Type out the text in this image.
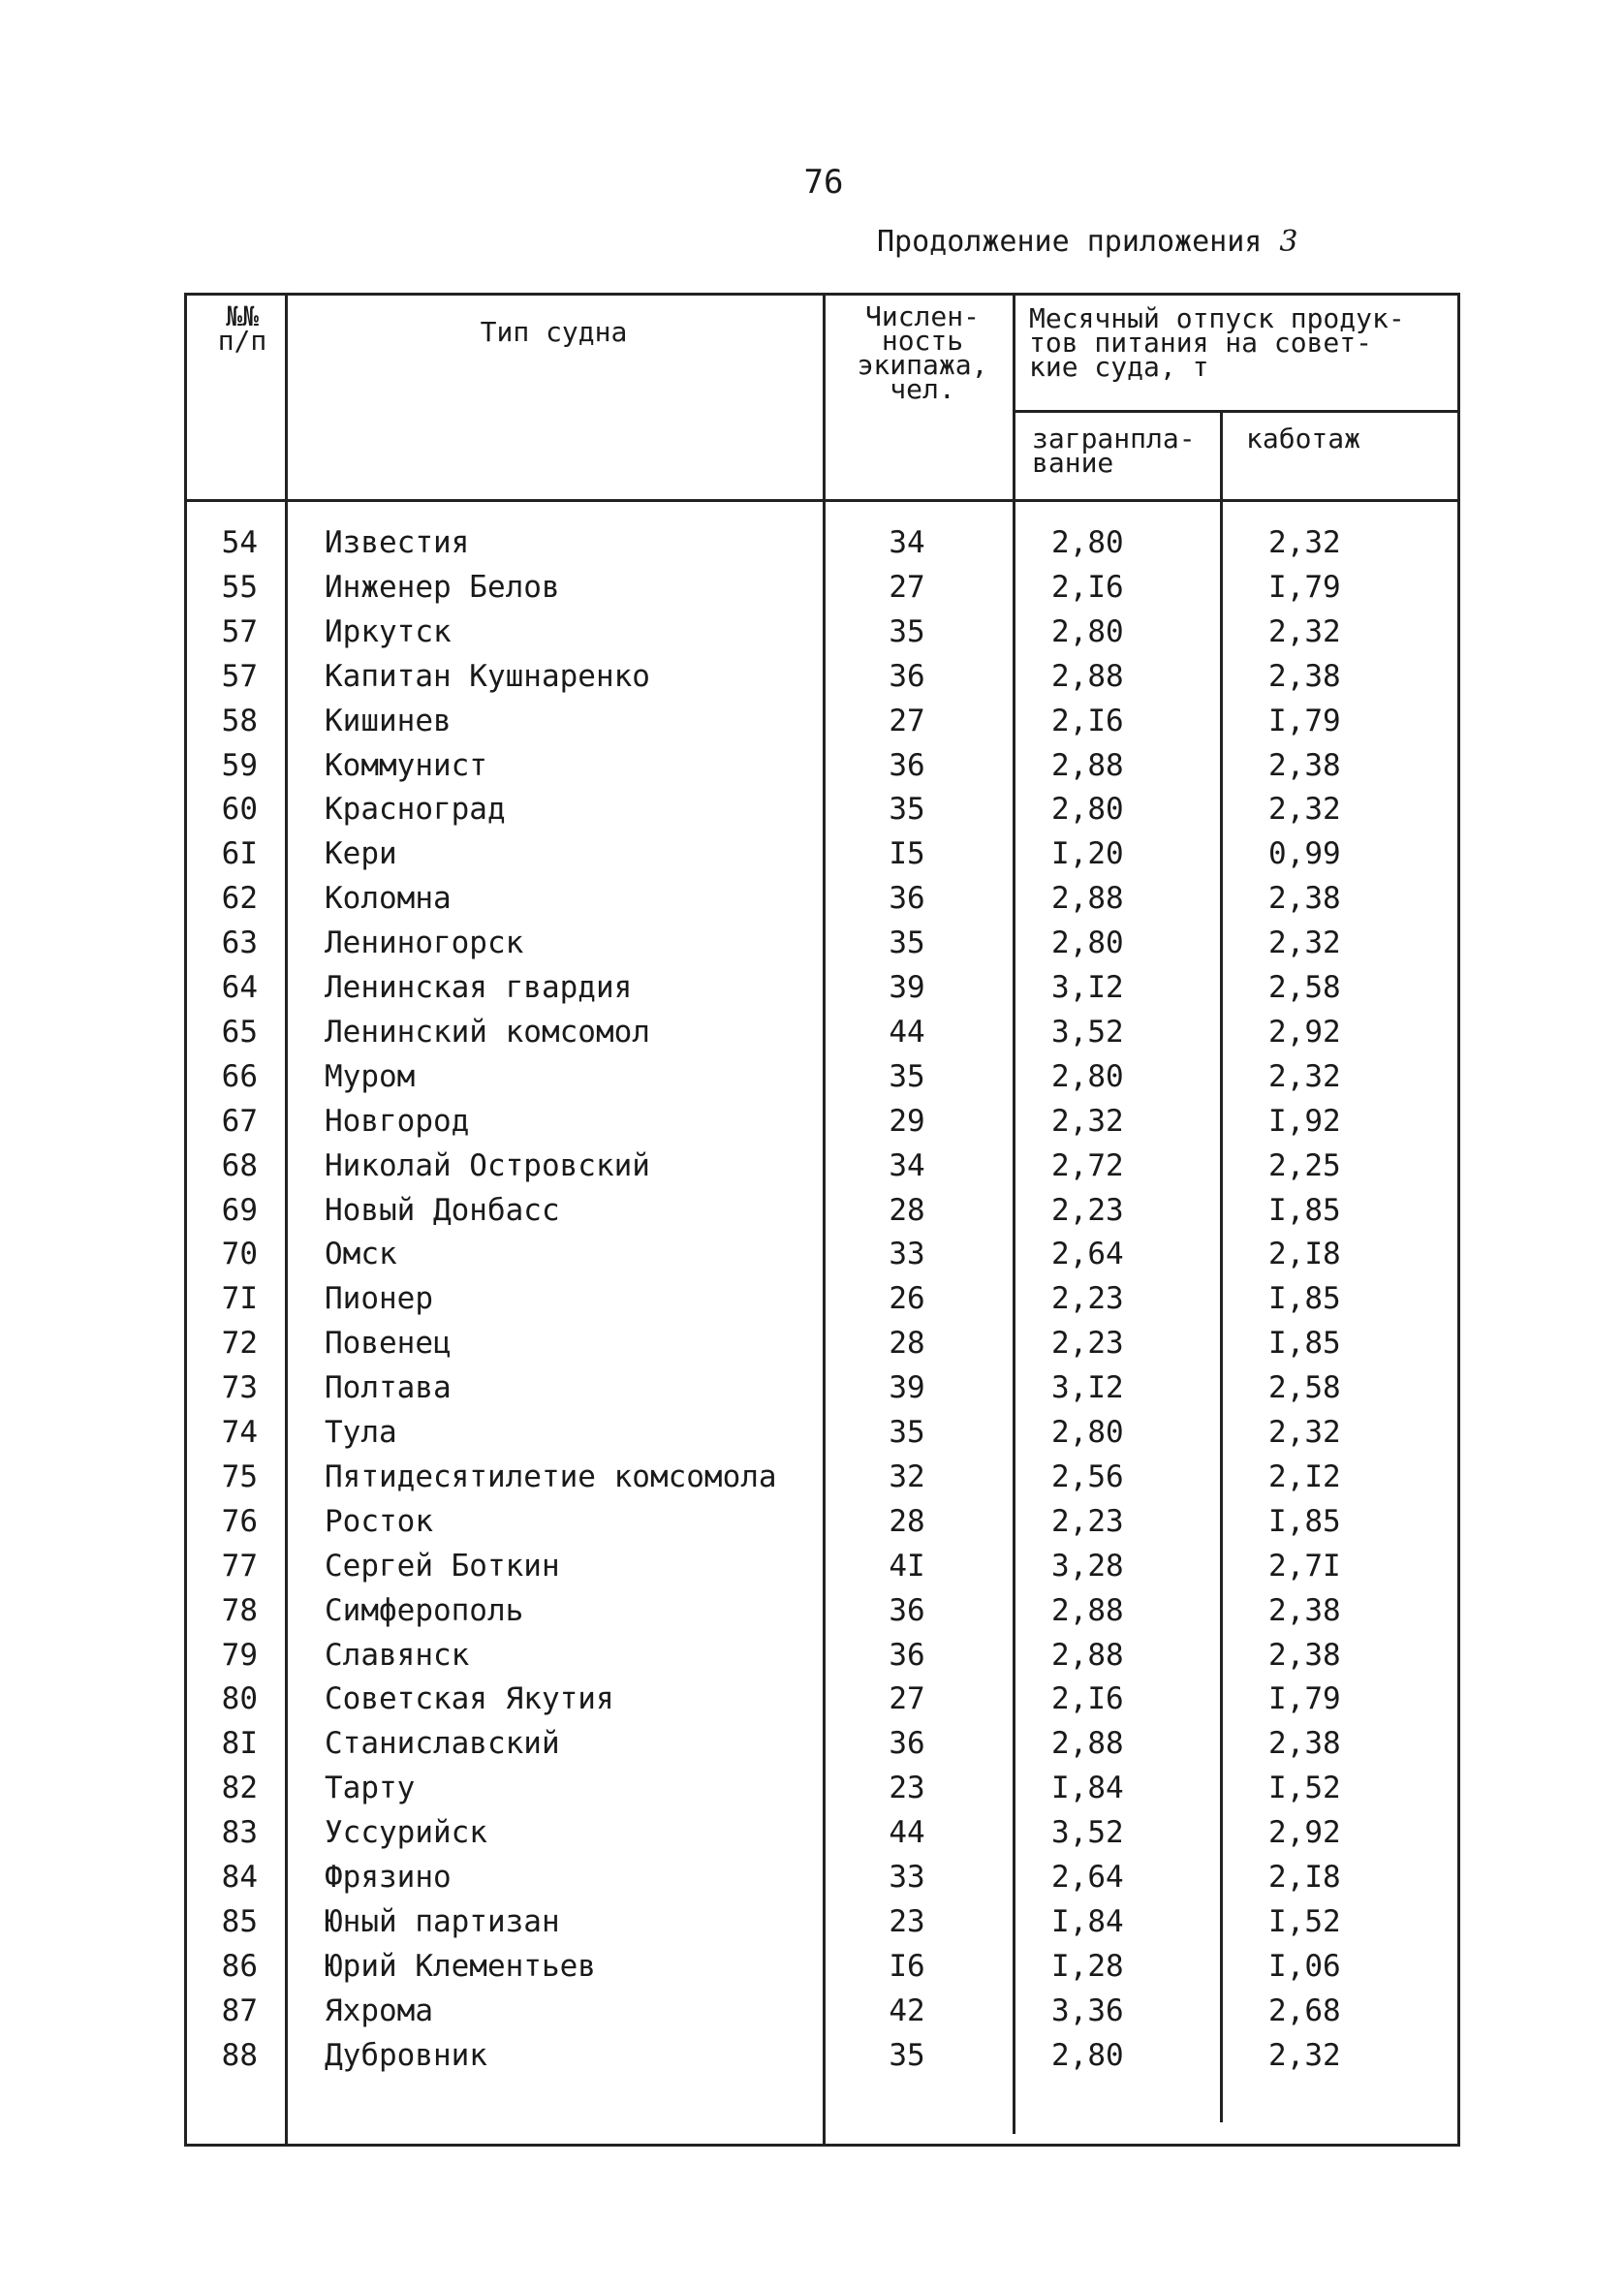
76
Продолжение приложения 3
№№
п/п	Тип судна	Числен-
ность
экипажа,
чел.
Месячный отпуск продук-
тов питания на совет-
кие суда, т
загранпла-
вание
каботаж
54 Известия	34	2,80	2,32
55 Инженер Белов	27	2,I6	I,79
57 Иркутск	35	2,80	2,32
57 Капитан Кушнаренко	36	2,88	2,38
58 Кишинев	27	2,I6	I,79
59 Коммунист	36	2,88	2,38
60 Красноград	35	2,80	2,32
6I Кери	I5	I,20	0,99
62 Коломна	36	2,88	2,38
63 Лениногорск	35	2,80	2,32
64 Ленинская гвардия	39	3,I2	2,58
65 Ленинский комсомол	44	3,52	2,92
66 Муром	35	2,80	2,32
67 Новгород	29	2,32	I,92
68 Николай Островский	34	2,72	2,25
69 Новый Донбасс	28	2,23	I,85
70 Омск	33	2,64	2,I8
7I Пионер	26	2,23	I,85
72 Повенец	28	2,23	I,85
73 Полтава	39	3,I2	2,58
74 Тула	35	2,80	2,32
75 Пятидесятилетие комсомола	32	2,56	2,I2
76 Росток	28	2,23	I,85
77 Сергей Боткин	4I	3,28	2,7I
78 Симферополь	36	2,88	2,38
79 Славянск	36	2,88	2,38
80 Советская Якутия	27	2,I6	I,79
8I Станиславский	36	2,88	2,38
82 Тарту	23	I,84	I,52
83 Уссурийск	44	3,52	2,92
84 Фрязино	33	2,64	2,I8
85 Юный партизан	23	I,84	I,52
86 Юрий Клементьев	I6	I,28	I,06
87 Яхрома	42	3,36	2,68
88 Дубровник	35	2,80	2,32
